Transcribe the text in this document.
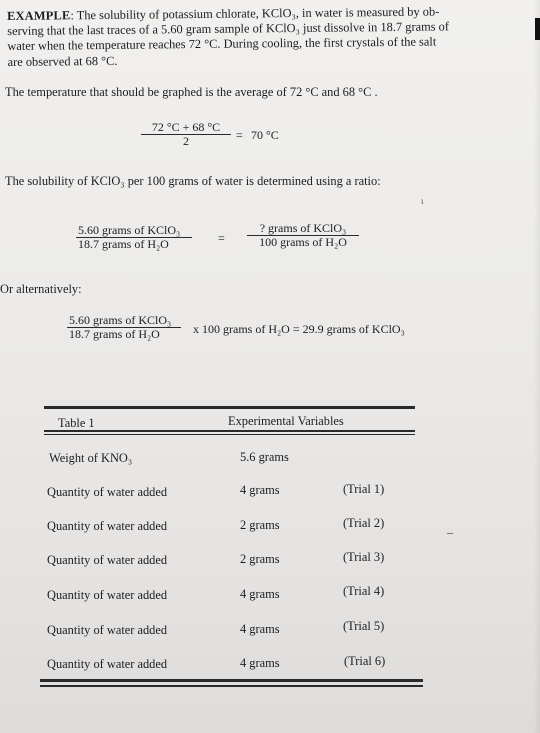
EXAMPLE: The solubility of potassium chlorate, KClO₃, in water is measured by ob-
serving that the last traces of a 5.60 gram sample of KClO₃ just dissolve in 18.7 grams of
water when the temperature reaches 72 °C. During cooling, the first crystals of the salt
are observed at 68 °C.
The temperature that should be graphed is the average of 72 °C and 68 °C .
$\frac{72 ^\circ C + 68 ^\circ C}{2} = 70$ °C
The solubility of KClO₃ per 100 grams of water is determined using a ratio:
ι
5.60 grams of KClO₃
18.7 grams of H₂O	=
? grams of KClO₃
100 grams of H₂O
Or alternatively:
5.60 grams of KClO₃
18.7 grams of H₂O	x 100 grams of H₂O = 29.9 grams of KClO₃
Table 1	Experimental Variables
Weight of KNO₃	5.6 grams
Quantity of water added	4 grams	(Trial 1)
Quantity of water added	2 grams	(Trial 2)
Quantity of water added	2 grams	(Trial 3)
Quantity of water added	4 grams	(Trial 4)
Quantity of water added	4 grams	(Trial 5)
Quantity of water added	4 grams	(Trial 6)
